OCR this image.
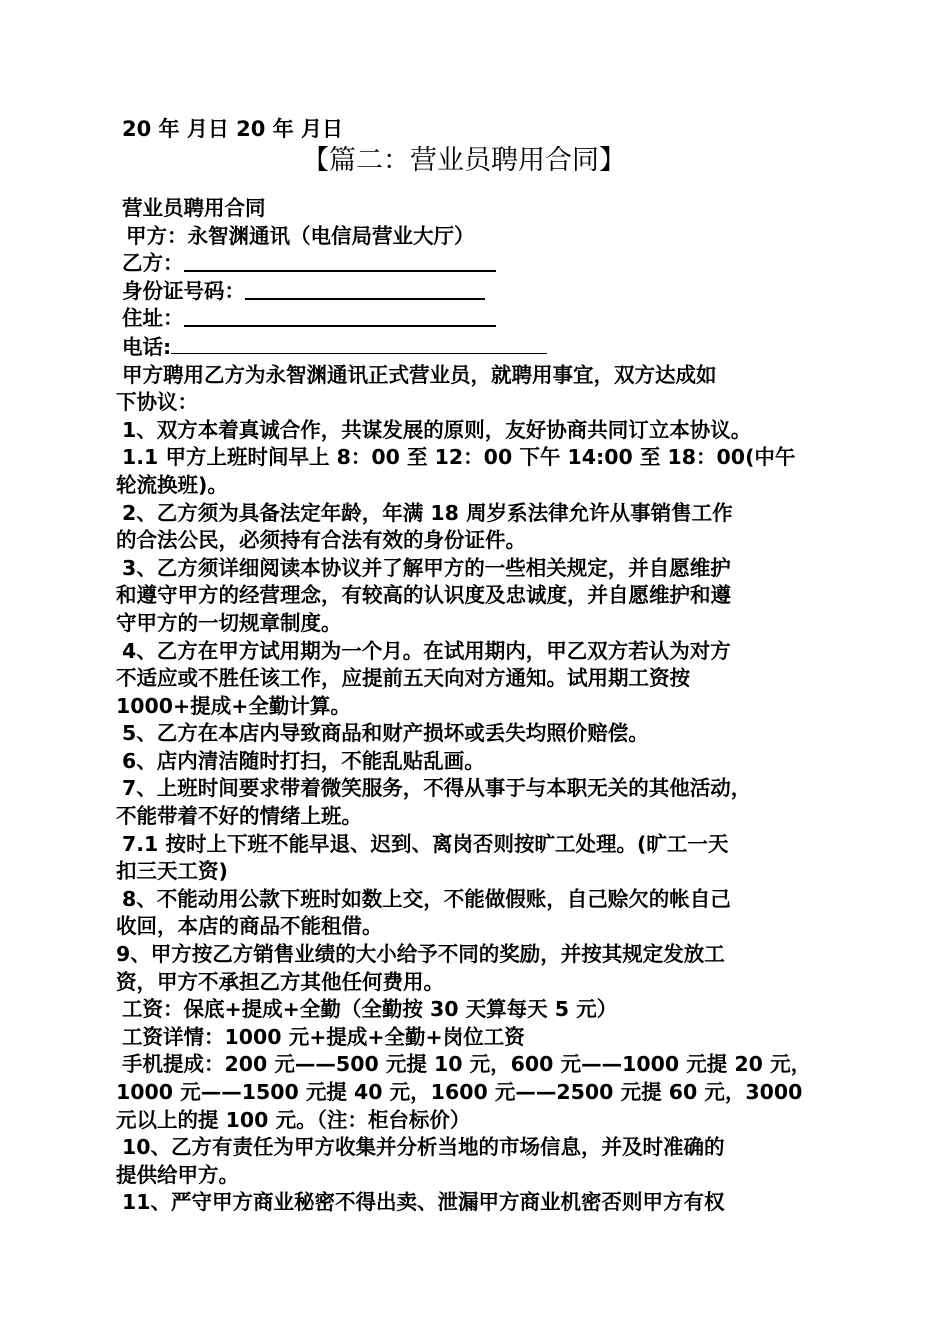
20 年 月日 20 年 月日
【篇二：营业员聘用合同】

营业员聘用合同

甲方：永智渊通讯（电信局营业大厅）

乙方：

身份证号码：

住址：

电话:

甲方聘用乙方为永智渊通讯正式营业员，就聘用事宜，双方达成如

下协议：

1、双方本着真诚合作，共谋发展的原则，友好协商共同订立本协议。

1.1 甲方上班时间早上 8：00 至 12：00 下午 14:00 至 18：00(中午

轮流换班)。

2、乙方须为具备法定年龄，年满 18 周岁系法律允许从事销售工作

的合法公民，必须持有合法有效的身份证件。

3、乙方须详细阅读本协议并了解甲方的一些相关规定，并自愿维护

和遵守甲方的经营理念，有较高的认识度及忠诚度，并自愿维护和遵

守甲方的一切规章制度。

4、乙方在甲方试用期为一个月。在试用期内，甲乙双方若认为对方

不适应或不胜任该工作，应提前五天向对方通知。试用期工资按

1000+提成+全勤计算。

5、乙方在本店内导致商品和财产损坏或丢失均照价赔偿。

6、店内清洁随时打扫，不能乱贴乱画。

7、上班时间要求带着微笑服务，不得从事于与本职无关的其他活动，

不能带着不好的情绪上班。

7.1 按时上下班不能早退、迟到、离岗否则按旷工处理。(旷工一天

扣三天工资)

8、不能动用公款下班时如数上交，不能做假账，自己赊欠的帐自己

收回，本店的商品不能租借。

9、甲方按乙方销售业绩的大小给予不同的奖励，并按其规定发放工

资，甲方不承担乙方其他任何费用。

工资：保底+提成+全勤（全勤按 30 天算每天 5 元）

工资详情：1000 元+提成+全勤+岗位工资

手机提成：200 元——500 元提 10 元，600 元——1000 元提 20 元，

1000 元——1500 元提 40 元，1600 元——2500 元提 60 元，3000

元以上的提 100 元。（注：柜台标价）

10、乙方有责任为甲方收集并分析当地的市场信息，并及时准确的

提供给甲方。

11、严守甲方商业秘密不得出卖、泄漏甲方商业机密否则甲方有权
